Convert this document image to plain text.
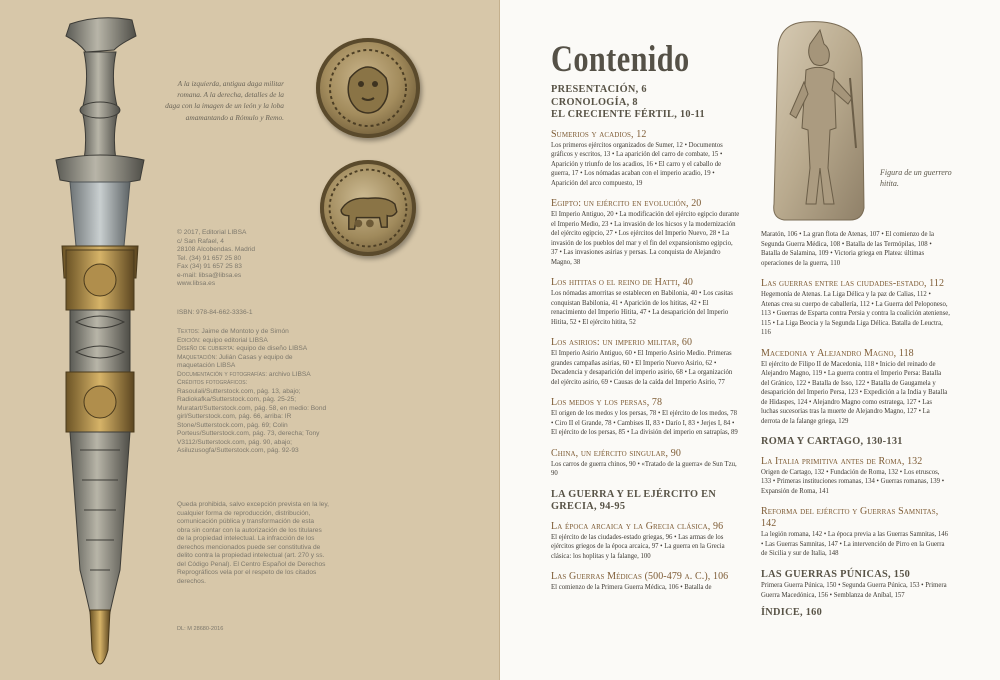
A la izquierda, antigua daga militar romana. A la derecha, detalles de la daga con la imagen de un león y la loba amamantando a Rómulo y Remo.
© 2017, Editorial LIBSA
c/ San Rafael, 4
28108 Alcobendas. Madrid
Tel. (34) 91 657 25 80
Fax (34) 91 657 25 83
e-mail: libsa@libsa.es
www.libsa.es
ISBN: 978-84-662-3336-1
Textos: Jaime de Montoto y de Simón
Edición: equipo editorial LIBSA
Diseño de cubierta: equipo de diseño LIBSA
Maquetación: Julián Casas y equipo de maquetación LIBSA
Documentación y fotografías: archivo LIBSA
Créditos fotográficos: Rasoulali/Sutterstock.com, pág. 13, abajo; Radiokafka/Sutterstock.com, pág. 25-25; Muratart/Sutterstock.com, pág. 58, en medio: Bond girl/Sutterstock.com, pág. 66, arriba: IR Stone/Sutterstock.com, pág. 69; Colin Porteus/Sutterstock.com, pág. 73, derecha; Tony V3112/Sutterstock.com, pág. 90, abajo; Asiluzusogfa/Sutterstock.com, pág. 92-93
Queda prohibida, salvo excepción prevista en la ley, cualquier forma de reproducción, distribución, comunicación pública y transformación de esta obra sin contar con la autorización de los titulares de la propiedad intelectual. La infracción de los derechos mencionados puede ser constitutiva de delito contra la propiedad intelectual (art. 270 y ss. del Código Penal). El Centro Español de Derechos Reprográficos vela por el respeto de los citados derechos.
DL: M 28680-2016
Contenido
Figura de un guerrero hitita.
PRESENTACIÓN, 6
CRONOLOGÍA, 8
EL CRECIENTE FÉRTIL, 10-11
Sumerios y acadios, 12
Los primeros ejércitos organizados de Sumer, 12 • Documentos gráficos y escritos, 13 • La aparición del carro de combate, 15 • Aparición y triunfo de los acadios, 16 • El carro y el caballo de guerra, 17 • Los nómadas acaban con el imperio acadio, 19 • Aparición del arco compuesto, 19
Egipto: un ejército en evolución, 20
El Imperio Antiguo, 20 • La modificación del ejército egipcio durante el Imperio Medio, 23 • La invasión de los hicsos y la modernización del ejército egipcio, 27 • Los ejércitos del Imperio Nuevo, 28 • La invasión de los pueblos del mar y el fin del expansionismo egipcio, 37 • Las invasiones asirias y persas. La conquista de Alejandro Magno, 38
Los hititas o el reino de Hatti, 40
Los nómadas amorritas se establecen en Babilonia, 40 • Los casitas conquistan Babilonia, 41 • Aparición de los hititas, 42 • El renacimiento del Imperio Hitita, 47 • La desaparición del Imperio Hitita, 52 • El ejército hitita, 52
Los asirios: un imperio militar, 60
El Imperio Asirio Antiguo, 60 • El Imperio Asirio Medio. Primeras grandes campañas asirias, 60 • El Imperio Nuevo Asirio, 62 • Decadencia y desaparición del imperio asirio, 68 • La organización del ejército asirio, 69 • Causas de la caída del Imperio Asirio, 77
Los medos y los persas, 78
El origen de los medos y los persas, 78 • El ejército de los medos, 78 • Ciro II el Grande, 78 • Cambises II, 83 • Darío I, 83 • Jerjes I, 84 • El ejército de los persas, 85 • La división del imperio en satrapías, 89
China, un ejército singular, 90
Los carros de guerra chinos, 90 • «Tratado de la guerra» de Sun Tzu, 90
LA GUERRA Y EL EJÉRCITO EN GRECIA, 94-95
La época arcaica y la Grecia clásica, 96
El ejército de las ciudades-estado griegas, 96 • Las armas de los ejércitos griegos de la época arcaica, 97 • La guerra en la Grecia clásica: los hoplitas y la falange, 100
Las Guerras Médicas (500-479 a. C.), 106
El comienzo de la Primera Guerra Médica, 106 • Batalla de
Maratón, 106 • La gran flota de Atenas, 107 • El comienzo de la Segunda Guerra Médica, 108 • Batalla de las Termópilas, 108 • Batalla de Salamina, 109 • Victoria griega en Platea: últimas operaciones de la guerra, 110
Las guerras entre las ciudades-estado, 112
Hegemonía de Atenas. La Liga Délica y la paz de Calias, 112 • Atenas crea su cuerpo de caballería, 112 • La Guerra del Peloponeso, 113 • Guerras de Esparta contra Persia y contra la coalición ateniense, 115 • La Liga Beocia y la Segunda Liga Délica. Batalla de Leuctra, 116
Macedonia y Alejandro Magno, 118
El ejército de Filipo II de Macedonia, 118 • Inicio del reinado de Alejandro Magno, 119 • La guerra contra el Imperio Persa: Batalla del Gránico, 122 • Batalla de Isso, 122 • Batalla de Gaugamela y desaparición del Imperio Persa, 123 • Expedición a la India y Batalla de Hidaspes, 124 • Alejandro Magno como estratega, 127 • Las luchas sucesorias tras la muerte de Alejandro Magno, 127 • La derrota de la falange griega, 129
ROMA Y CARTAGO, 130-131
La Italia primitiva antes de Roma, 132
Origen de Cartago, 132 • Fundación de Roma, 132 • Los etruscos, 133 • Primeras instituciones romanas, 134 • Guerras romanas, 139 • Expansión de Roma, 141
Reforma del ejército y Guerras Samnitas, 142
La legión romana, 142 • La época previa a las Guerras Samnitas, 146 • Las Guerras Samnitas, 147 • La intervención de Pirro en la Guerra de Sicilia y sur de Italia, 148
LAS GUERRAS PÚNICAS, 150
Primera Guerra Púnica, 150 • Segunda Guerra Púnica, 153 • Primera Guerra Macedónica, 156 • Semblanza de Aníbal, 157
ÍNDICE, 160
